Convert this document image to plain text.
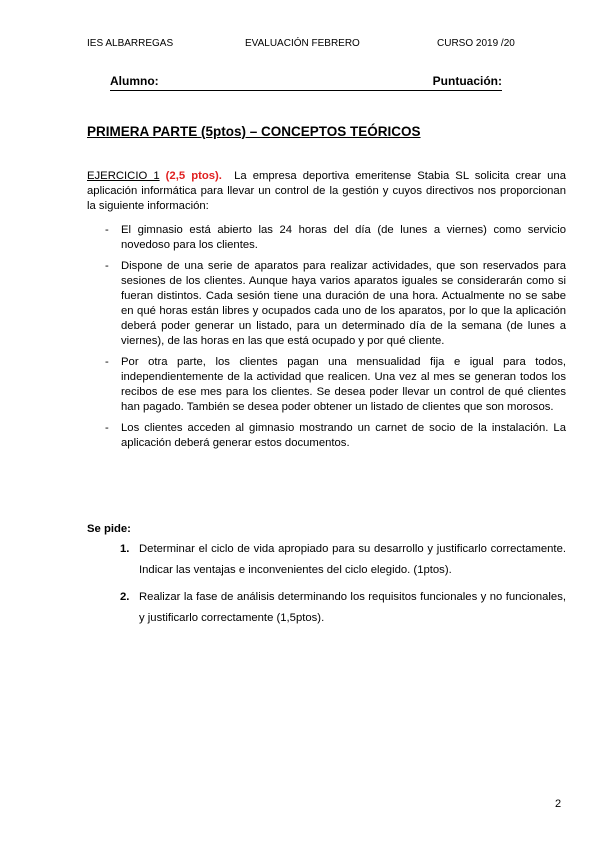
IES ALBARREGAS	EVALUACIÓN FEBRERO	CURSO 2019 /20
Alumno:	Puntuación:
PRIMERA PARTE (5ptos) – CONCEPTOS TEÓRICOS

EJERCICIO 1 (2,5 ptos). La empresa deportiva emeritense Stabia SL solicita crear una aplicación informática para llevar un control de la gestión y cuyos directivos nos proporcionan la siguiente información:

- El gimnasio está abierto las 24 horas del día (de lunes a viernes) como servicio novedoso para los clientes.
- Dispone de una serie de aparatos para realizar actividades, que son reservados para sesiones de los clientes. Aunque haya varios aparatos iguales se considerarán como si fueran distintos. Cada sesión tiene una duración de una hora. Actualmente no se sabe en qué horas están libres y ocupados cada uno de los aparatos, por lo que la aplicación deberá poder generar un listado, para un determinado día de la semana (de lunes a viernes), de las horas en las que está ocupado y por qué cliente.
- Por otra parte, los clientes pagan una mensualidad fija e igual para todos, independientemente de la actividad que realicen. Una vez al mes se generan todos los recibos de ese mes para los clientes. Se desea poder llevar un control de qué clientes han pagado. También se desea poder obtener un listado de clientes que son morosos.
- Los clientes acceden al gimnasio mostrando un carnet de socio de la instalación. La aplicación deberá generar estos documentos.
Se pide:
1. Determinar el ciclo de vida apropiado para su desarrollo y justificarlo correctamente. Indicar las ventajas e inconvenientes del ciclo elegido. (1ptos).
2. Realizar la fase de análisis determinando los requisitos funcionales y no funcionales, y justificarlo correctamente (1,5ptos).
2
